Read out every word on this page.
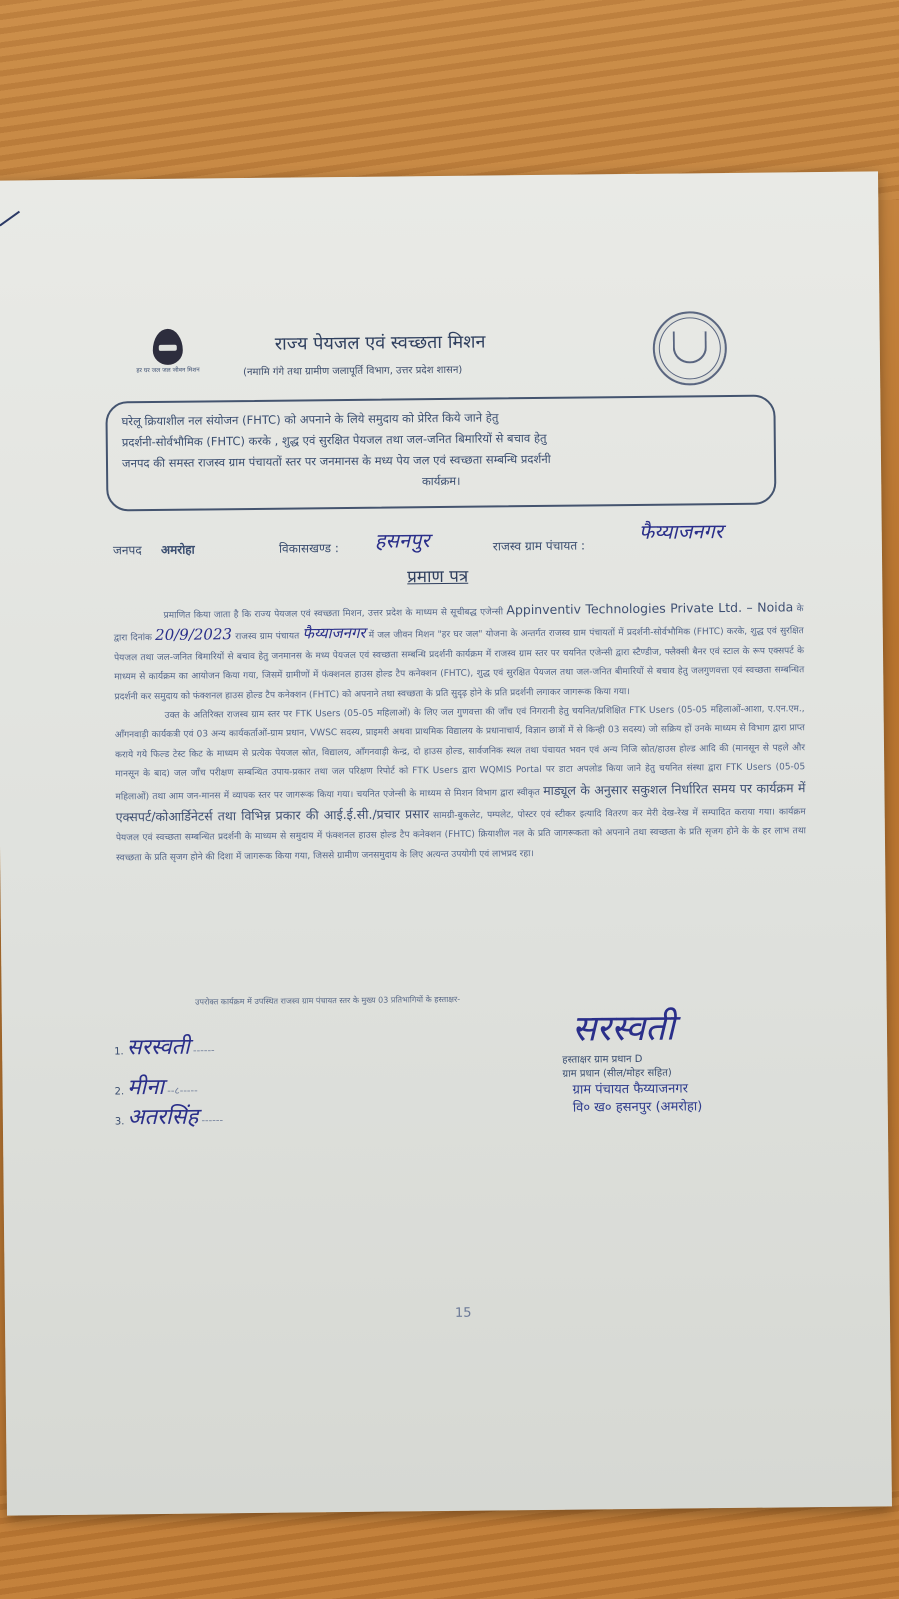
हर घर जल जल जीवन मिशन
राज्य पेयजल एवं स्वच्छता मिशन
(नमामि गंगे तथा ग्रामीण जलापूर्ति विभाग, उत्तर प्रदेश शासन)
घरेलू क्रियाशील नल संयोजन (FHTC) को अपनाने के लिये समुदाय को प्रेरित किये जाने हेतु
प्रदर्शनी-सोर्वभौमिक (FHTC) करके , शुद्ध एवं सुरक्षित पेयजल तथा जल-जनित बिमारियों से बचाव हेतु
जनपद की समस्त राजस्व ग्राम पंचायतों स्तर पर जनमानस के मध्य पेय जल एवं स्वच्छता सम्बन्धि प्रदर्शनी

कार्यक्रम।
जनपद अमरोहा	विकासखण्ड : हसनपुर	राजस्व ग्राम पंचायत :
फैय्याजनगर
प्रमाण पत्र

प्रमाणित किया जाता है कि राज्य पेयजल एवं स्वच्छता मिशन, उत्तर प्रदेश के माध्यम से सूचीबद्ध एजेन्सी Appinventiv Technologies Private Ltd. – Noida के द्वारा दिनांक 20/9/2023 राजस्व ग्राम पंचायत फैय्याजनगर में जल जीवन मिशन "हर घर जल" योजना के अन्तर्गत राजस्व ग्राम पंचायतों में प्रदर्शनी-सोर्वभौमिक (FHTC) करके, शुद्ध एवं सुरक्षित पेयजल तथा जल-जनित बिमारियों से बचाव हेतु जनमानस के मध्य पेयजल एवं स्वच्छता सम्बन्धि प्रदर्शनी कार्यक्रम में राजस्व ग्राम स्तर पर चयनित एजेन्सी द्वारा स्टैण्डीज, फ्लैक्सी बैनर एवं स्टाल के रूप एक्सपर्ट के माध्यम से कार्यक्रम का आयोजन किया गया, जिसमें ग्रामीणों में फंक्शनल हाउस होल्ड टैप कनेक्शन (FHTC), शुद्ध एवं सुरक्षित पेयजल तथा जल-जनित बीमारियों से बचाव हेतु जलगुणवत्ता एवं स्वच्छता सम्बन्धित प्रदर्शनी कर समुदाय को फंक्शनल हाउस होल्ड टैप कनेक्शन (FHTC) को अपनाने तथा स्वच्छता के प्रति सुदृढ़ होने के प्रति प्रदर्शनी लगाकर जागरूक किया गया।

उक्त के अतिरिक्त राजस्व ग्राम स्तर पर FTK Users (05-05 महिलाओं) के लिए जल गुणवत्ता की जाँच एवं निगरानी हेतु चयनित/प्रशिक्षित FTK Users (05-05 महिलाओं-आशा, ए.एन.एम., आँगनवाड़ी कार्यकत्री एवं 03 अन्य कार्यकर्ताओं-ग्राम प्रधान, VWSC सदस्य, प्राइमरी अथवा प्राथमिक विद्यालय के प्रधानाचार्य, विज्ञान छात्रों में से किन्ही 03 सदस्य) जो सक्रिय हों उनके माध्यम से विभाग द्वारा प्राप्त कराये गये फिल्ड टेस्ट किट के माध्यम से प्रत्येक पेयजल स्रोत, विद्यालय, आँगनवाड़ी केन्द्र, दो हाउस होल्ड, सार्वजनिक स्थल तथा पंचायत भवन एवं अन्य निजि स्रोत/हाउस होल्ड आदि की (मानसून से पहले और मानसून के बाद) जल जाँच परीक्षण सम्बन्धित उपाय-प्रकार तथा जल परिक्षण रिपोर्ट को FTK Users द्वारा WQMIS Portal पर डाटा अपलोड किया जाने हेतु चयनित संस्था द्वारा FTK Users (05-05 महिलाओं) तथा आम जन-मानस में व्यापक स्तर पर जागरूक किया गया। चयनित एजेन्सी के माध्यम से मिशन विभाग द्वारा स्वीकृत माड्यूल के अनुसार सकुशल निर्धारित समय पर कार्यक्रम में एक्सपर्ट/कोआर्डिनेटर्स तथा विभिन्न प्रकार की आई.ई.सी./प्रचार प्रसार सामग्री-बुकलेट, पम्पलेट, पोस्टर एवं स्टीकर इत्यादि वितरण कर मेरी देख-रेख में सम्पादित कराया गया। कार्यक्रम पेयजल एवं स्वच्छता सम्बन्धित प्रदर्शनी के माध्यम से समुदाय में फंक्शनल हाउस होल्ड टैप कनेक्शन (FHTC) क्रियाशील नल के प्रति जागरूकता को अपनाने तथा स्वच्छता के प्रति सृजग होने के के हर लाभ तथा स्वच्छता के प्रति सृजग होने की दिशा में जागरूक किया गया, जिससे ग्रामीण जनसमुदाय के लिए अत्यन्त उपयोगी एवं लाभप्रद रहा।

उपरोक्त कार्यक्रम में उपस्थित राजस्व ग्राम पंचायत स्तर के मुख्य 03 प्रतिभागियों के हस्ताक्षर-
1. सरस्वती ------
2. मीना --८-----
3. अतरसिंह ------
सरस्वती
हस्ताक्षर ग्राम प्रधान D
ग्राम प्रधान (सील/मोहर सहित)
ग्राम पंचायत फैय्याजनगर
वि० ख० हसनपुर (अमरोहा)
15
